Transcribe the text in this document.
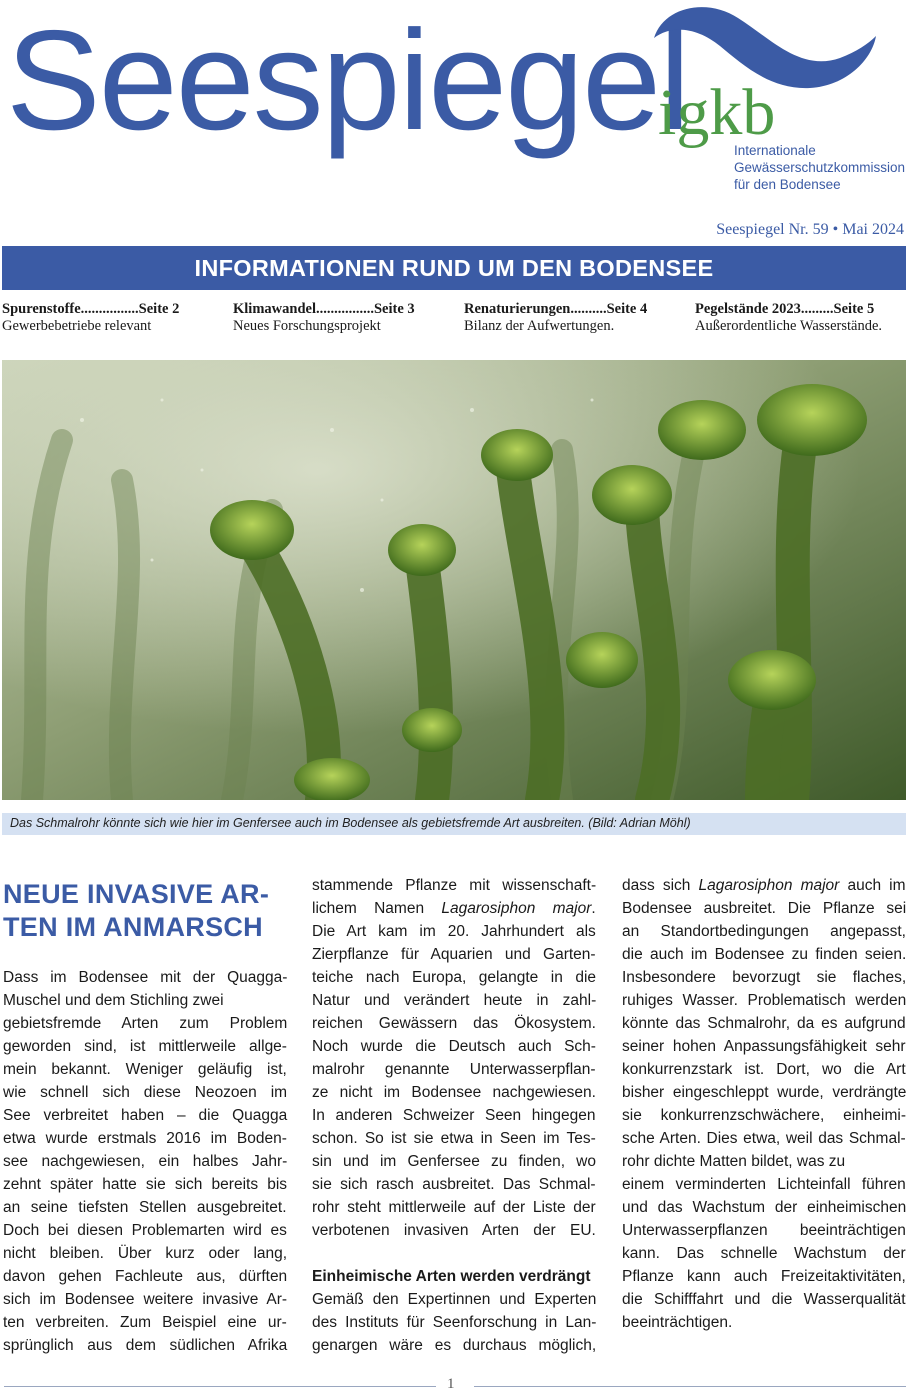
Seespiegel
igkb
Internationale
Gewässerschutzkommission
für den Bodensee
Seespiegel Nr. 59 • Mai 2024
INFORMATIONEN RUND UM DEN BODENSEE
Spurenstoffe................Seite 2
Gewerbebetriebe relevant
Klimawandel................Seite 3
Neues Forschungsprojekt
Renaturierungen..........Seite 4
Bilanz der Aufwertungen.
Pegelstände 2023.........Seite 5
Außerordentliche Wasserstände.
Das Schmalrohr könnte sich wie hier im Genfersee auch im Bodensee als gebietsfremde Art ausbreiten. (Bild: Adrian Möhl)
NEUE INVASIVE AR-
TEN IM ANMARSCH
Dass im Bodensee mit der Quagga-
Muschel und dem Stichling zwei
gebietsfremde Arten zum Problem
geworden sind, ist mittlerweile allge-
mein bekannt. Weniger geläufig ist,
wie schnell sich diese Neozoen im
See verbreitet haben – die Quagga
etwa wurde erstmals 2016 im Boden-
see nachgewiesen, ein halbes Jahr-
zehnt später hatte sie sich bereits bis
an seine tiefsten Stellen ausgebreitet.
Doch bei diesen Problemarten wird es
nicht bleiben. Über kurz oder lang,
davon gehen Fachleute aus, dürften
sich im Bodensee weitere invasive Ar-
ten verbreiten. Zum Beispiel eine ur-
sprünglich aus dem südlichen Afrika
stammende Pflanze mit wissenschaft-
lichem Namen Lagarosiphon major.
Die Art kam im 20. Jahrhundert als
Zierpflanze für Aquarien und Garten-
teiche nach Europa, gelangte in die
Natur und verändert heute in zahl-
reichen Gewässern das Ökosystem.
Noch wurde die Deutsch auch Sch-
malrohr genannte Unterwasserpflan-
ze nicht im Bodensee nachgewiesen.
In anderen Schweizer Seen hingegen
schon. So ist sie etwa in Seen im Tes-
sin und im Genfersee zu finden, wo
sie sich rasch ausbreitet. Das Schmal-
rohr steht mittlerweile auf der Liste der
verbotenen invasiven Arten der EU.
Einheimische Arten werden verdrängt
Gemäß den Expertinnen und Experten
des Instituts für Seenforschung in Lan-
genargen wäre es durchaus möglich,
dass sich Lagarosiphon major auch im
Bodensee ausbreitet. Die Pflanze sei
an Standortbedingungen angepasst,
die auch im Bodensee zu finden seien.
Insbesondere bevorzugt sie flaches,
ruhiges Wasser. Problematisch werden
könnte das Schmalrohr, da es aufgrund
seiner hohen Anpassungsfähigkeit sehr
konkurrenzstark ist. Dort, wo die Art
bisher eingeschleppt wurde, verdrängte
sie konkurrenzschwächere, einheimi-
sche Arten. Dies etwa, weil das Schmal-
rohr dichte Matten bildet, was zu
einem verminderten Lichteinfall führen
und das Wachstum der einheimischen
Unterwasserpflanzen beeinträchtigen
kann. Das schnelle Wachstum der
Pflanze kann auch Freizeitaktivitäten,
die Schifffahrt und die Wasserqualität
beeinträchtigen.
1
